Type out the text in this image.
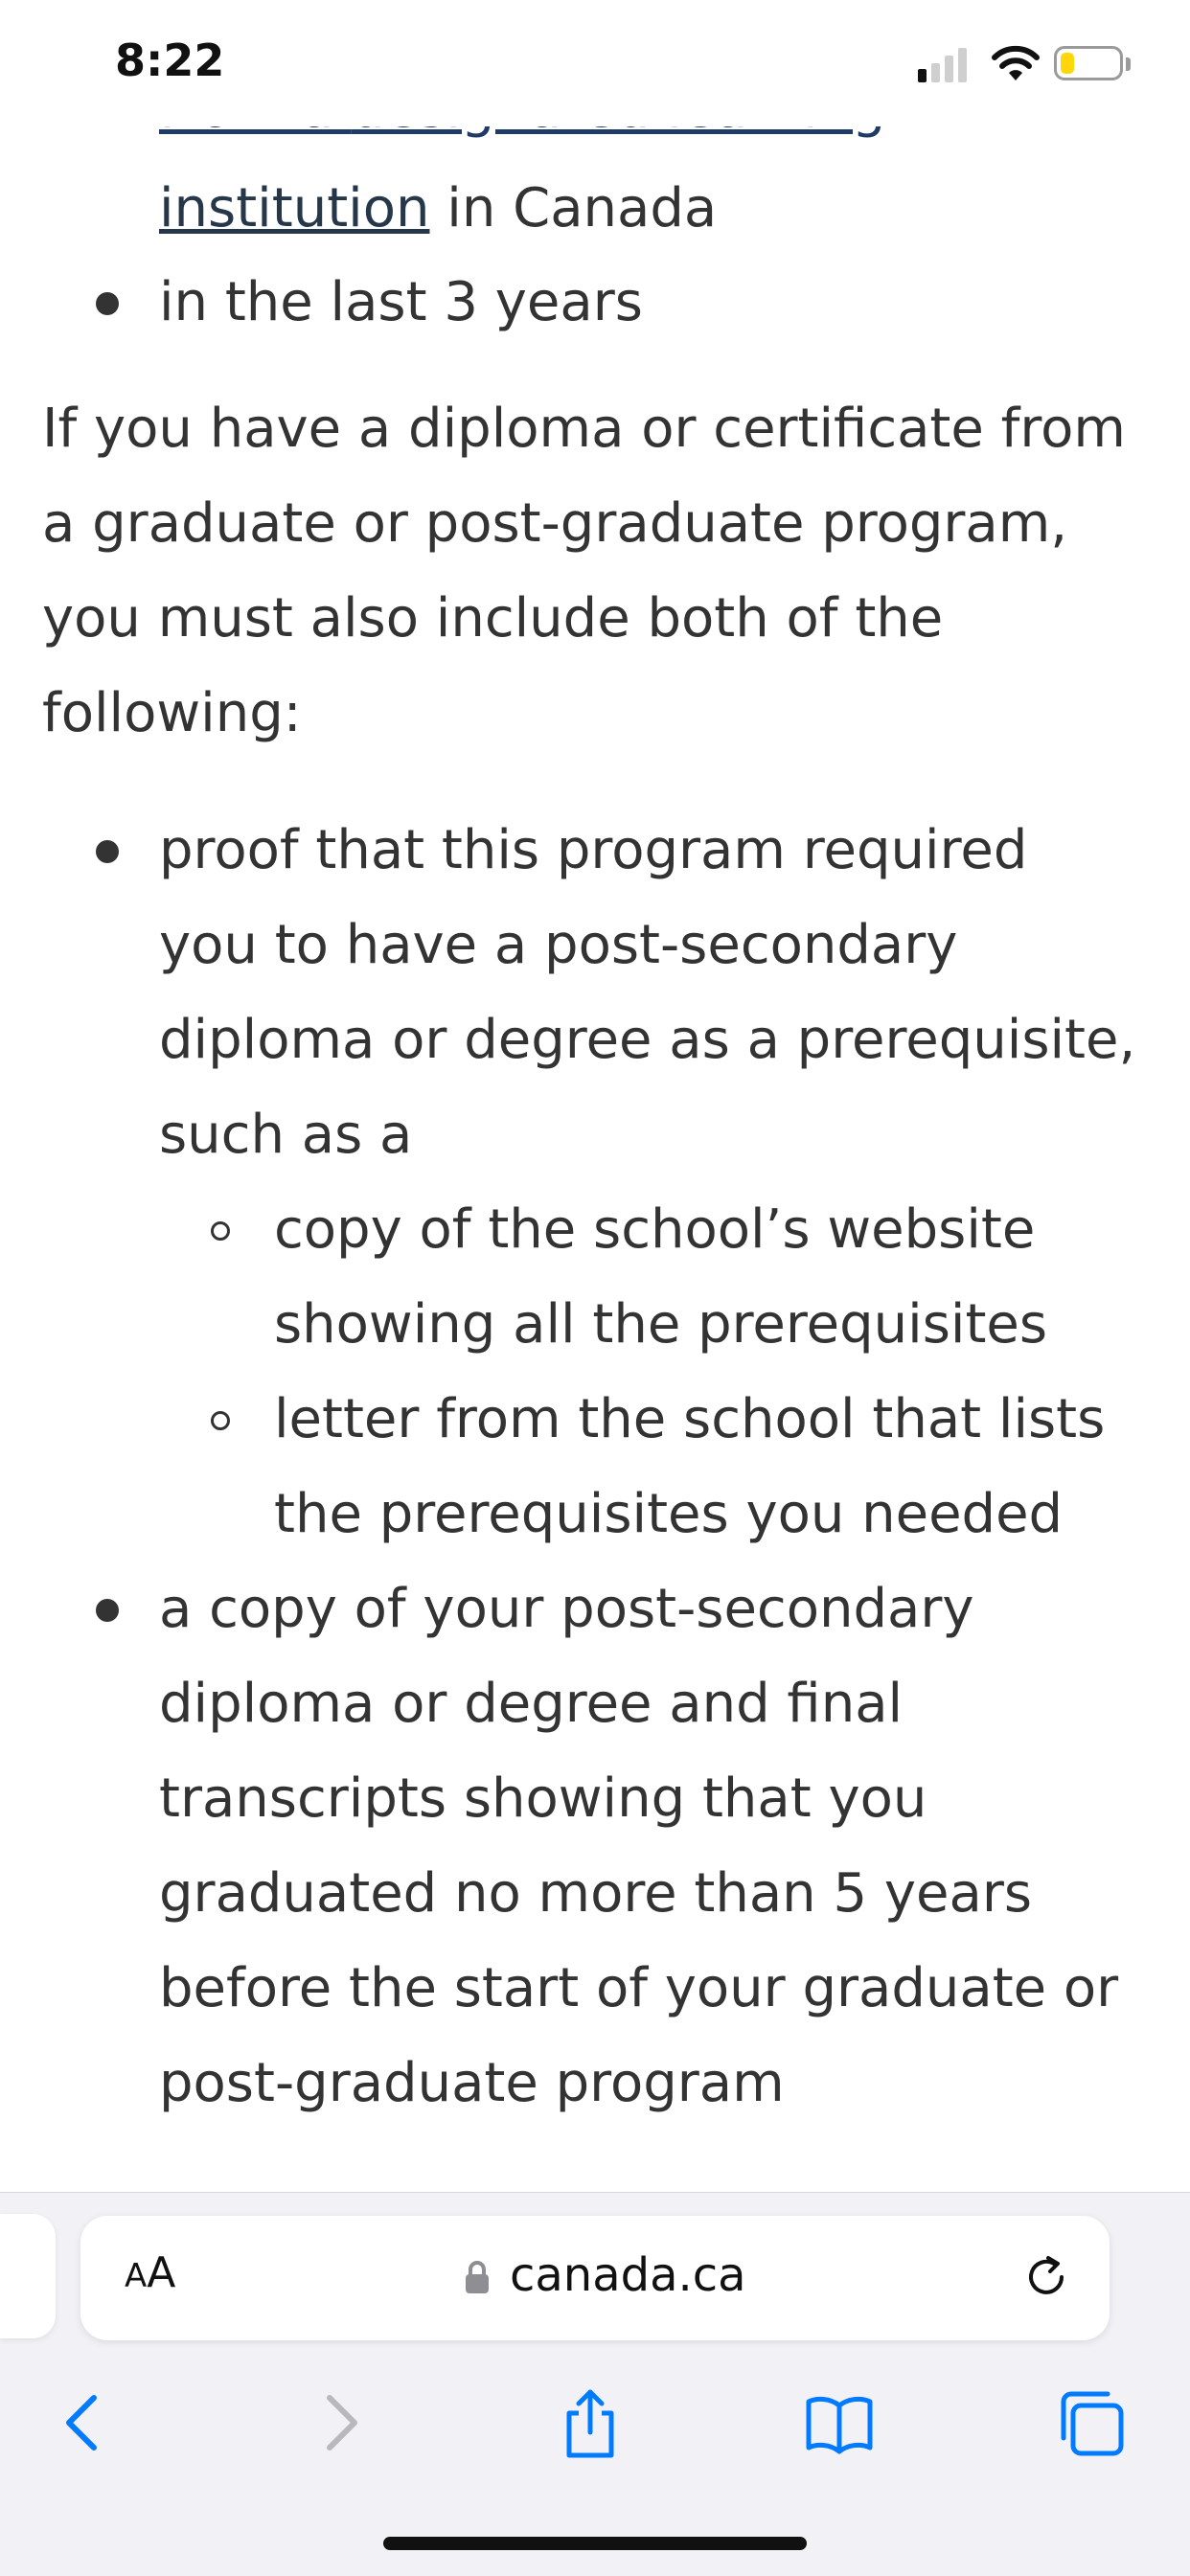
8:22
institution in Canada
in the last 3 years
If you have a diploma or certificate from
a graduate or post-graduate program,
you must also include both of the
following:
proof that this program required
you to have a post-secondary
diploma or degree as a prerequisite,
such as a
copy of the school’s website
showing all the prerequisites
letter from the school that lists
the prerequisites you needed
a copy of your post-secondary
diploma or degree and final
transcripts showing that you
graduated no more than 5 years
before the start of your graduate or
post-graduate program
AA	canada.ca
